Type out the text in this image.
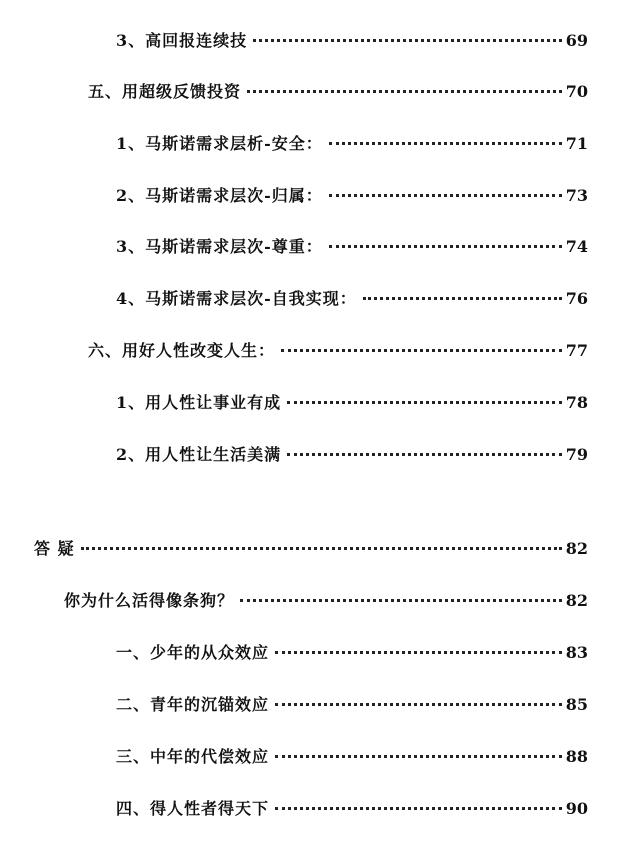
3、高回报连续技	69
五、用超级反馈投资	70
1、马斯诺需求层析-安全：	71
2、马斯诺需求层次-归属：	73
3、马斯诺需求层次-尊重：	74
4、马斯诺需求层次-自我实现：	76
六、用好人性改变人生：	77
1、用人性让事业有成	78
2、用人性让生活美满	79
答 疑	82
你为什么活得像条狗？	82
一、少年的从众效应	83
二、青年的沉锚效应	85
三、中年的代偿效应	88
四、得人性者得天下	90
